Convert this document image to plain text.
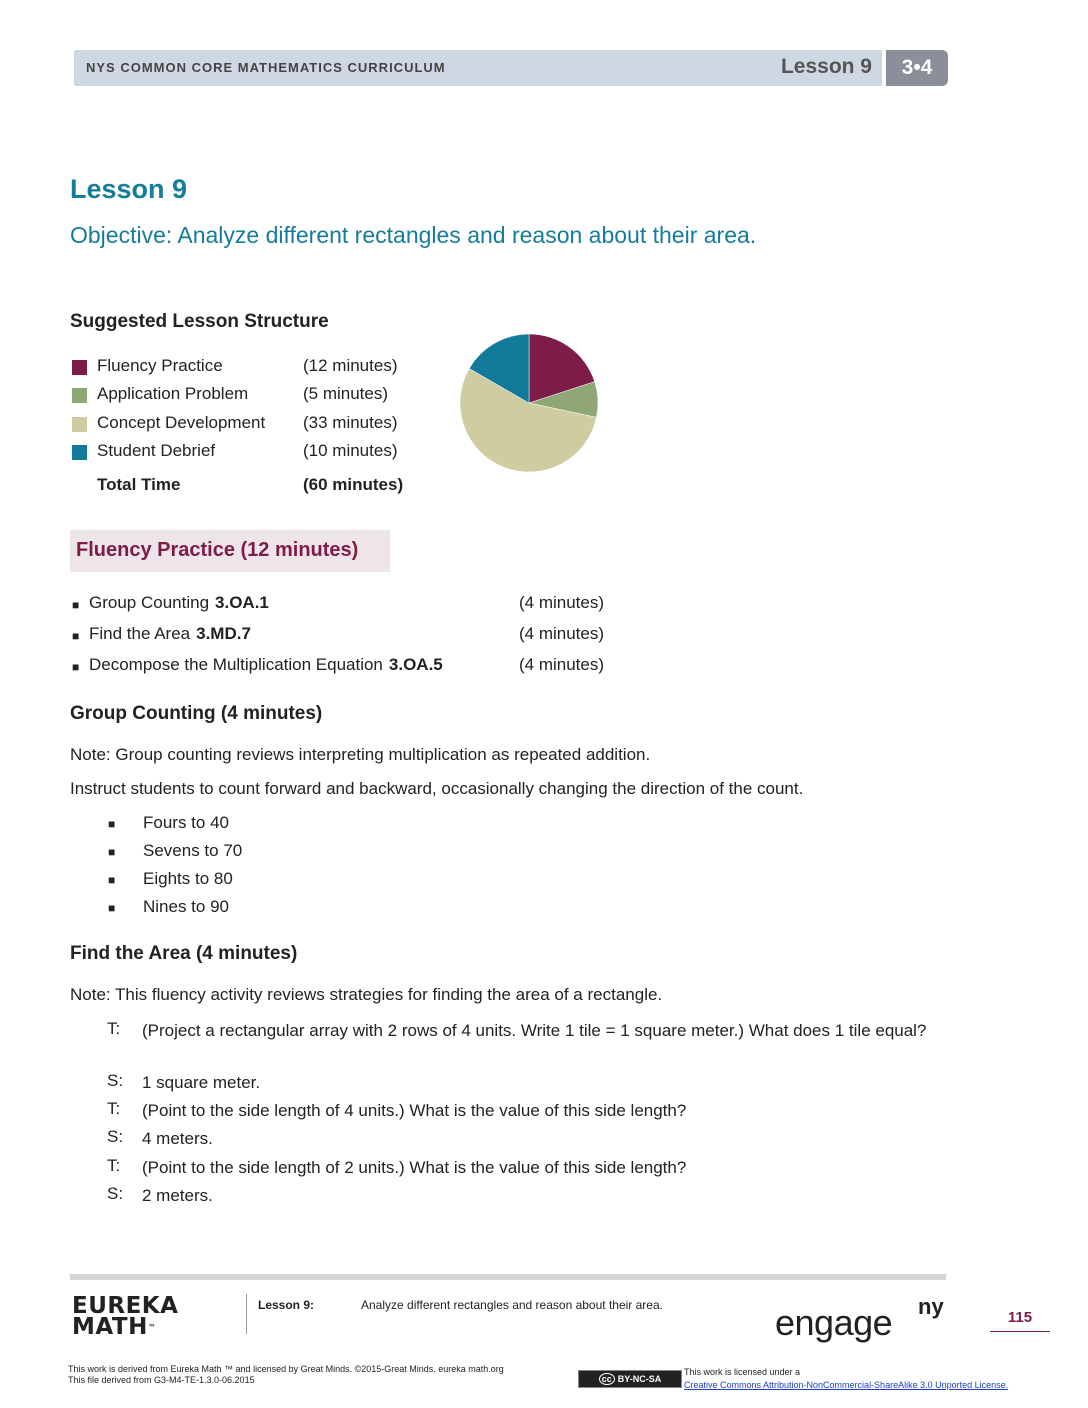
NYS COMMON CORE MATHEMATICS CURRICULUM	Lesson 9	3•4
Lesson 9
Objective: Analyze different rectangles and reason about their area.
Suggested Lesson Structure
Fluency Practice	(12 minutes)
Application Problem	(5 minutes)
Concept Development (33 minutes)
Student Debrief	(10 minutes)
Total Time	(60 minutes)
Fluency Practice (12 minutes)
■ Group Counting 3.OA.1	(4 minutes)
■ Find the Area 3.MD.7	(4 minutes)
■ Decompose the Multiplication Equation 3.OA.5	(4 minutes)
Group Counting (4 minutes)
Note: Group counting reviews interpreting multiplication as repeated addition.
Instruct students to count forward and backward, occasionally changing the direction of the count.
■ Fours to 40
■ Sevens to 70
■ Eights to 80
■ Nines to 90
Find the Area (4 minutes)
Note: This fluency activity reviews strategies for finding the area of a rectangle.
T: (Project a rectangular array with 2 rows of 4 units. Write 1 tile = 1 square meter.) What does 1 tile equal?
S: 1 square meter.
T: (Point to the side length of 4 units.) What is the value of this side length?
S: 4 meters.
T: (Point to the side length of 2 units.) What is the value of this side length?
S: 2 meters.
EUREKA
MATH™
Lesson 9:	Analyze different rectangles and reason about their area.	engage ny	115
This work is derived from Eureka Math ™ and licensed by Great Minds. ©2015-Great Minds. eureka math.org
This file derived from G3-M4-TE-1.3.0-06.2015	cc BY-NC-SA
This work is licensed under a
Creative Commons Attribution-NonCommercial-ShareAlike 3.0 Unported License.
